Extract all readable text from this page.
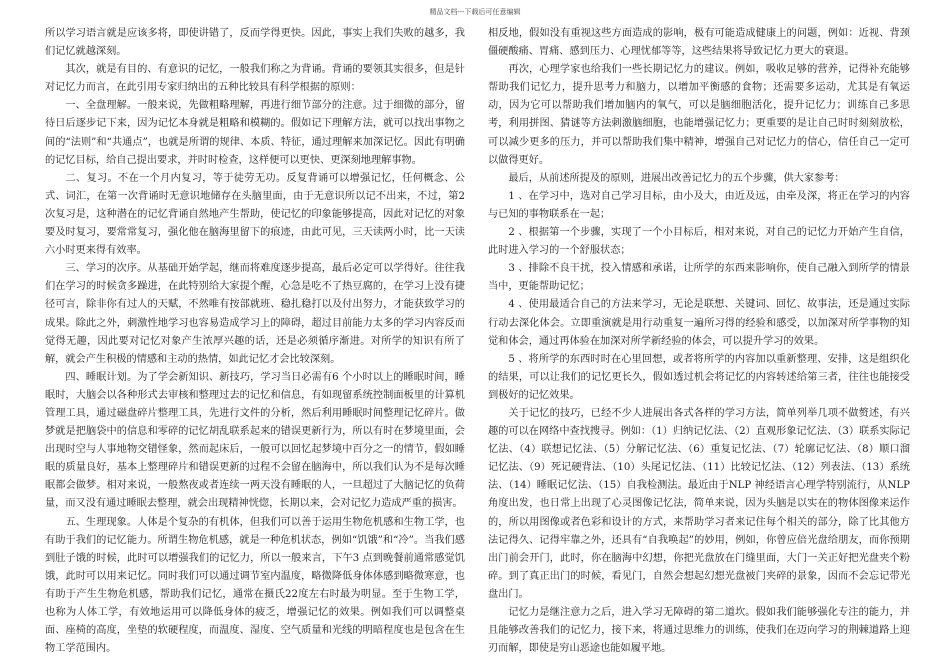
精品文档---下载后可任意编辑

所以学习语言就是应该多将，即使讲错了，反而学得更快。因此，事实上我们失败的越多，我们记忆就越深刻。

其次，就是有目的、有意识的记忆，一般我们称之为背诵。背诵的要领其实很多，但是针对记忆力而言，在此引用专家归纳出的五种比较具有科学根据的原则：

一、全盘理解。一般来说，先做粗略理解，再进行细节部分的注意。过于细微的部分，留待日后逐步记下来，因为记忆本身就是粗略和模糊的。假如记下理解方法，就可以找出事物之间的“法则”和“共通点”，也就是所谓的规律、本质、特征，通过理解来加深记忆。因此有明确的记忆目标，给自己提出要求，并时时检查，这样便可以更快、更深刻地理解事物。

二、复习。不在一个月内复习，等于徒劳无功。反复背诵可以增强记忆，任何概念、公式、词汇，在第一次背诵时无意识地储存在头脑里面，由于无意识所以记不出来，不过，第2 次复习是，这种潜在的记忆背诵自然地产生帮助，使记忆的印象能够提高，因此对记忆的对象要及时复习，要常常复习，强化他在脑海里留下的痕迹，由此可见，三天读两小时，比一天读六小时更来得有效率。

三、学习的次序。从基础开始学起，继而将难度逐步提高，最后必定可以学得好。往往我们在学习的时候贪多躁进，在此特别给大家提个醒，心急是吃不了热豆腐的，在学习上没有捷径可言，除非你有过人的天赋，不然唯有按部就班、稳扎稳打以及付出努力，才能获致学习的成果。除此之外，刺激性地学习也容易造成学习上的障碍，超过目前能力太多的学习内容反而觉得无趣，因此要对记忆对象产生浓厚兴趣的话，还是必须循序渐进。对所学的知识有所了解，就会产生积极的情感和主动的热情，如此记忆才会比较深刻。

四、睡眠计划。为了学会新知识、新技巧，学习当日必需有6 个小时以上的睡眠时间，睡眠时，大脑会以各种形式去审核和整理过去的记忆和信息，有如现留系统控制面板里的计算机管理工具，通过磁盘碎片整理工具，先进行文件的分析，然后利用睡眠时间整理记忆碎片。做梦就是把脑袋中的信息和零碎的记忆胡乱联系起来的错误更新行为，所以有时在梦境里面，会出现时空与人事地物交错怪象，然而起床后，一般可以回忆起梦境中百分之一的情节，假如睡眠的质量良好，基本上整理碎片和错误更新的过程不会留在脑海中，所以我们认为不是每次睡眠都会做梦。相对来说，一般熬夜或者连续一两天没有睡眠的人，一旦超过了大脑记忆的负荷量，而又没有通过睡眠去整理，就会出现精神恍惚，长期以来，会对记忆力造成严重的损害。

五、生理现象。人体是个复杂的有机体，但我们可以善于运用生物危机感和生物工学，也有助于我们的记忆能力。所谓生物危机感，就是一种危机状态，例如“饥饿”和“冷”。当我们感到肚子饿的时候，此时可以增强我们的记忆力，所以一般来言，下午3 点到晚餐前通常感觉饥饿，此时可以用来记忆。同时我们可以通过调节室内温度，略微降低身体体感到略微寒意，也有助于产生生物危机感，帮助我们记忆，通常在摄氏22度左右时最为明显。至于生物工学，也称为人体工学，有效地运用可以降低身体的疲乏，增强记忆的效果。例如我们可以调整桌面、座椅的高度，坐垫的软硬程度，而温度、湿度、空气质量和光线的明暗程度也是包含在生物工学范围内。

相反地，假如没有重视这些方面造成的影响，极有可能造成健康上的问题，例如：近视、背颈僵硬酸痛、胃痛、感到压力、心理忧郁等等，这些结果将导致记忆力更大的衰退。

再次，心理学家也给我们一些长期记忆力的建议。例如，吸收足够的营养，记得补充能够帮助我们记忆力，提升思考力和脑力，以增加平衡感的食物；还需要多运动，尤其是有氧运动，因为它可以帮助我们增加脑内的氧气，可以是脑细胞活化，提升记忆力；训练自己多思考，利用拼图、猜谜等方法刺激脑细胞，也能增强记忆力；更重要的是让自己时时刻刻放松，可以减少更多的压力，并可以帮助我们集中精神，增强自己对记忆力的信心，信任自己一定可以做得更好。

最后，从前述所提及的原则，进展出改善记忆力的五个步骤，供大家参考：

1 、在学习中，选对自己学习目标，由小及大，由近及远，由牵及深，将正在学习的内容与已知的事物联系在一起；

2 、根据第一个步骤，实现了一个小目标后，相对来说，对自己的记忆力开始产生自信，此时进入学习的一个舒服状态；

3 、排除不良干扰，投入情感和承诺，让所学的东西来影响你，使自己融入到所学的情景当中，更能帮助记忆；

4 、使用最适合自己的方法来学习，无论是联想、关键词、回忆、故事法，还是通过实际行动去深化体会。立即重演就是用行动重复一遍所习得的经验和感受，以加深对所学事物的知觉和体会，通过再体验在加深对所学新经验的体会，可以提升学习的效果。

5 、将所学的东西时时在心里回想，或者将所学的内容加以重新整理、安排，这是组织化的结果，可以让我们的记忆更长久，假如透过机会将记忆的内容转述给第三者，往往也能接受到极好的记忆效果。

关于记忆的技巧，已经不少人进展出各式各样的学习方法，简单列举几项不做赘述，有兴趣的可以在网络中查找搜寻。例如：（1）归纳记忆法、（2）直观形象记忆法、（3）联系实际记忆法、（4）联想记忆法、（5）分解记忆法、（6）重复记忆法、（7）轮廓记忆法、（8）顺口溜记忆法、（9）死记硬背法、（10）头尾记忆法、（11）比较记忆法、（12）列表法、（13）系统法、（14）睡眠记忆法、（15）自我检测法。最近由于NLP 神经语言心理学特别流行，从NLP 角度出发，也日常上出现了心灵图像记忆法，简单来说，因为头脑是以实在的物体图像来运作的，所以用图像或者色彩和设计的方式，来帮助学习者来记住每个相关的部分，除了比其他方法记得久、记得牢靠之外，还具有“自我唤起”的妙用，例如，你曾应倍光盘给朋友，而你预期出门前会开门，此时，你在脑海中幻想，你把光盘放在门缝里面，大门一关正好把光盘夹个粉碎。到了真正出门的时候，看见门，自然会想起幻想光盘被门夹碎的景象，因而不会忘记带光盘出门。

记忆力是继注意力之后，进入学习无障碍的第二道坎。假如我们能够强化专注的能力，并且能够改善我们的记忆力，接下来，将通过思维力的训练，使我们在迈向学习的荆棘道路上迎刃而解，即使是穷山恶途也能如履平地。
